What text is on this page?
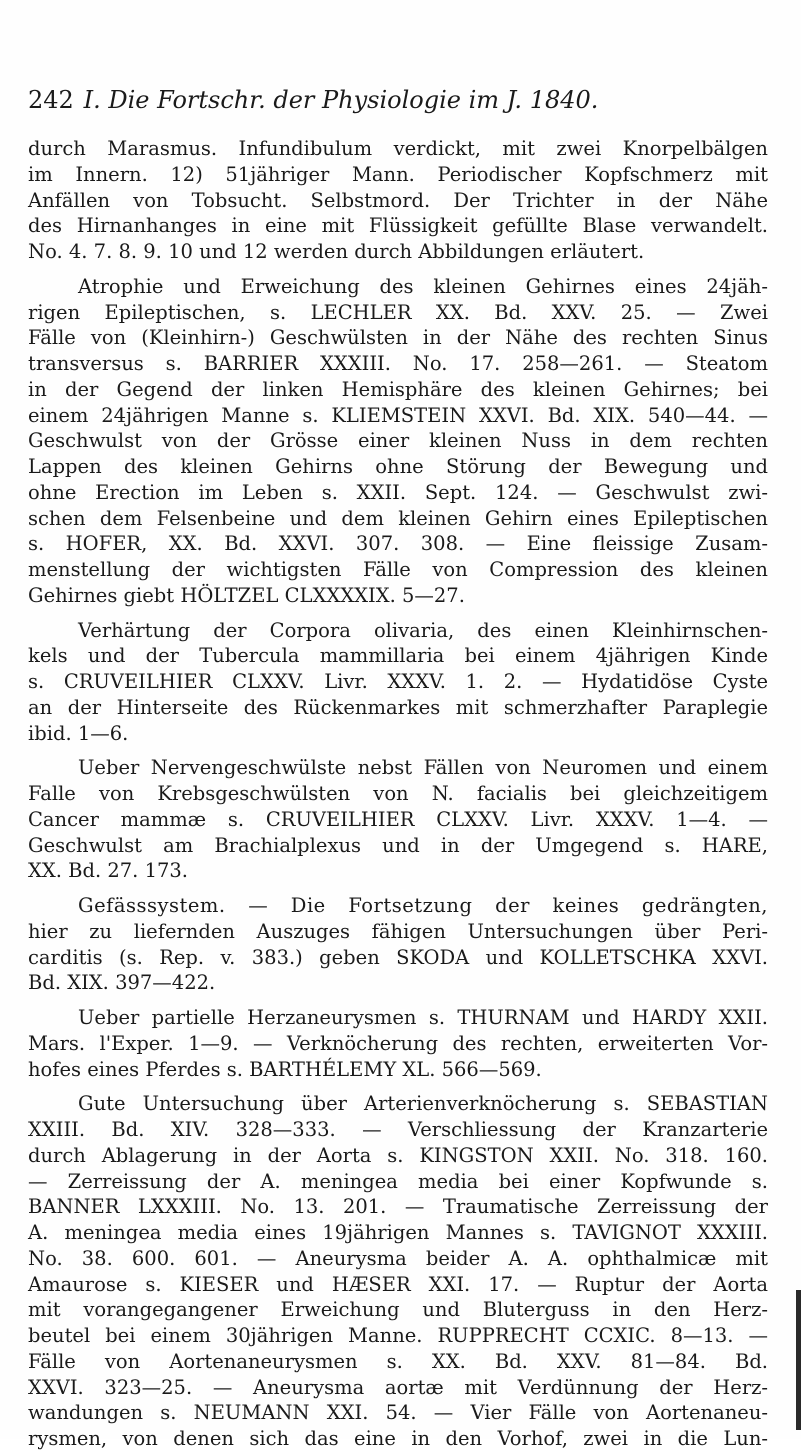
242 I. Die Fortschr. der Physiologie im J. 1840.
durch Marasmus. Infundibulum verdickt, mit zwei Knorpelbälgen
im Innern. 12) 51jähriger Mann. Periodischer Kopfschmerz mit
Anfällen von Tobsucht. Selbstmord. Der Trichter in der Nähe
des Hirnanhanges in eine mit Flüssigkeit gefüllte Blase verwandelt.
No. 4. 7. 8. 9. 10 und 12 werden durch Abbildungen erläutert.
Atrophie und Erweichung des kleinen Gehirnes eines 24jäh-
rigen Epileptischen, s. LECHLER XX. Bd. XXV. 25. — Zwei
Fälle von (Kleinhirn-) Geschwülsten in der Nähe des rechten Sinus
transversus s. BARRIER XXXIII. No. 17. 258—261. — Steatom
in der Gegend der linken Hemisphäre des kleinen Gehirnes; bei
einem 24jährigen Manne s. KLIEMSTEIN XXVI. Bd. XIX. 540—44. —
Geschwulst von der Grösse einer kleinen Nuss in dem rechten
Lappen des kleinen Gehirns ohne Störung der Bewegung und
ohne Erection im Leben s. XXII. Sept. 124. — Geschwulst zwi-
schen dem Felsenbeine und dem kleinen Gehirn eines Epileptischen
s. HOFER, XX. Bd. XXVI. 307. 308. — Eine fleissige Zusam-
menstellung der wichtigsten Fälle von Compression des kleinen
Gehirnes giebt HÖLTZEL CLXXXXIX. 5—27.
Verhärtung der Corpora olivaria, des einen Kleinhirnschen-
kels und der Tubercula mammillaria bei einem 4jährigen Kinde
s. CRUVEILHIER CLXXV. Livr. XXXV. 1. 2. — Hydatidöse Cyste
an der Hinterseite des Rückenmarkes mit schmerzhafter Paraplegie
ibid. 1—6.
Ueber Nervengeschwülste nebst Fällen von Neuromen und einem
Falle von Krebsgeschwülsten von N. facialis bei gleichzeitigem
Cancer mammæ s. CRUVEILHIER CLXXV. Livr. XXXV. 1—4. —
Geschwulst am Brachialplexus und in der Umgegend s. HARE,
XX. Bd. 27. 173.
Gefässsystem. — Die Fortsetzung der keines gedrängten,
hier zu liefernden Auszuges fähigen Untersuchungen über Peri-
carditis (s. Rep. v. 383.) geben SKODA und KOLLETSCHKA XXVI.
Bd. XIX. 397—422.
Ueber partielle Herzaneurysmen s. THURNAM und HARDY XXII.
Mars. l'Exper. 1—9. — Verknöcherung des rechten, erweiterten Vor-
hofes eines Pferdes s. BARTHÉLEMY XL. 566—569.
Gute Untersuchung über Arterienverknöcherung s. SEBASTIAN
XXIII. Bd. XIV. 328—333. — Verschliessung der Kranzarterie
durch Ablagerung in der Aorta s. KINGSTON XXII. No. 318. 160.
— Zerreissung der A. meningea media bei einer Kopfwunde s.
BANNER LXXXIII. No. 13. 201. — Traumatische Zerreissung der
A. meningea media eines 19jährigen Mannes s. TAVIGNOT XXXIII.
No. 38. 600. 601. — Aneurysma beider A. A. ophthalmicæ mit
Amaurose s. KIESER und HÆSER XXI. 17. — Ruptur der Aorta
mit vorangegangener Erweichung und Bluterguss in den Herz-
beutel bei einem 30jährigen Manne. RUPPRECHT CCXIC. 8—13. —
Fälle von Aortenaneurysmen s. XX. Bd. XXV. 81—84. Bd.
XXVI. 323—25. — Aneurysma aortæ mit Verdünnung der Herz-
wandungen s. NEUMANN XXI. 54. — Vier Fälle von Aortenaneu-
rysmen, von denen sich das eine in den Vorhof, zwei in die Lun-
